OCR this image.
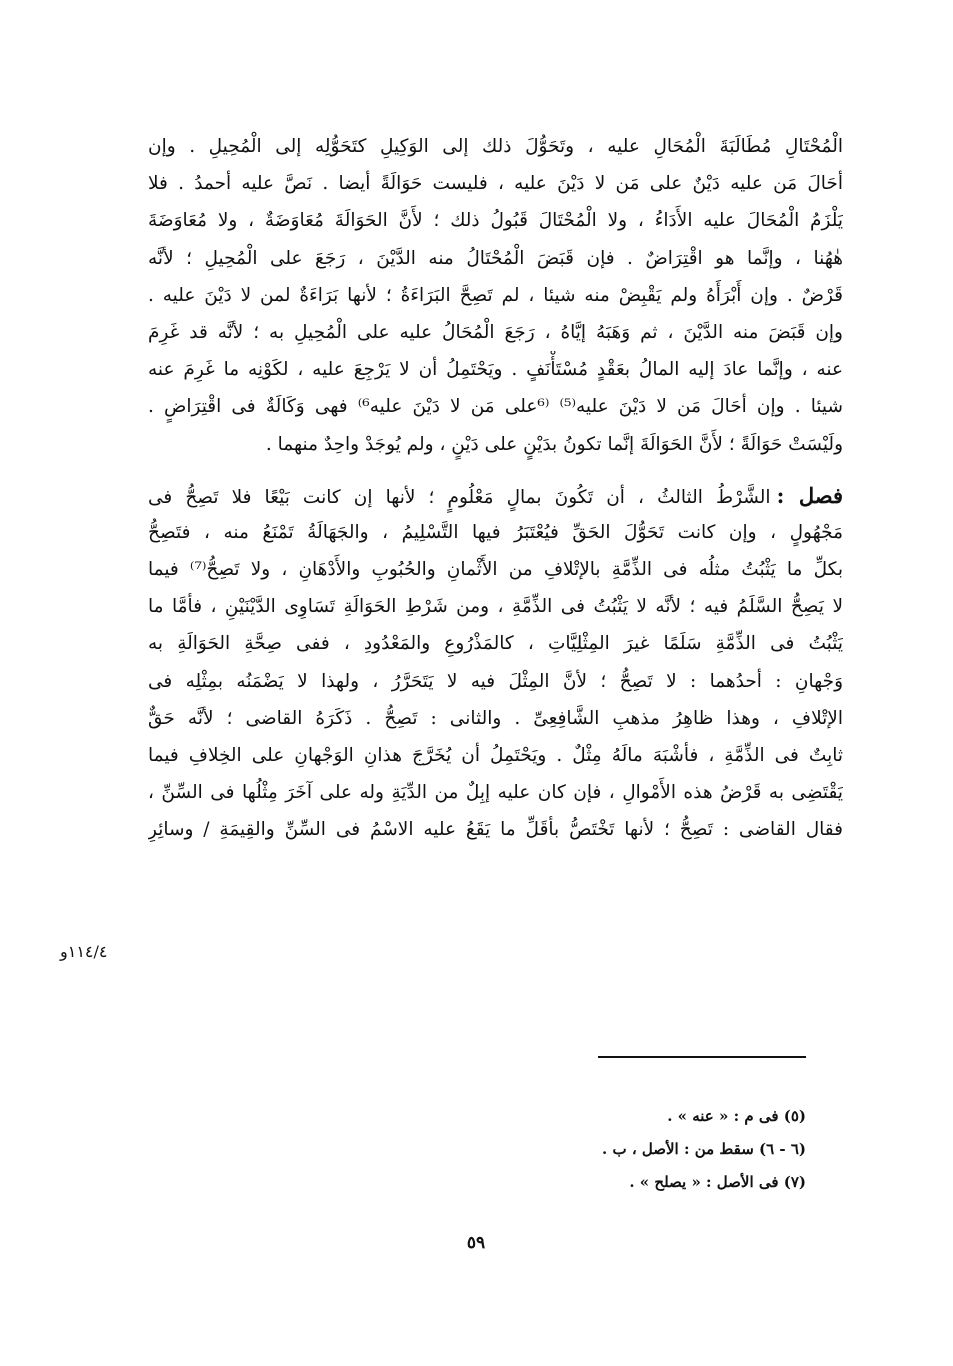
الْمُحْتَالِ مُطَالَبَةَ الْمُحَالِ عليه ، وتَحَوُّلَ ذلك إلى الوَكِيلِ كتَحَوُّلِه إلى الْمُحِيلِ . وإن
أحَالَ مَن عليه دَيْنٌ على مَن لا دَيْنَ عليه ، فليست حَوَالَةً أيضا . نَصَّ عليه أحمدُ . فلا
يَلْزَمُ الْمُحَالَ عليه الأَدَاءُ ، ولا الْمُحْتَالَ قَبُولُ ذلك ؛ لأَنَّ الحَوَالَةَ مُعَاوَضَةٌ ، ولا مُعَاوَضَةَ
هٰهُنا ، وإنَّما هو اقْتِرَاضٌ . فإن قَبَضَ الْمُحْتَالُ منه الدَّيْنَ ، رَجَعَ على الْمُحِيلِ ؛ لأنَّه
قَرْضٌ . وإن أَبْرَأَهُ ولم يَقْبِضْ منه شيئا ، لم تَصِحَّ البَرَاءَةُ ؛ لأنها بَرَاءَةٌ لمن لا دَيْنَ عليه .
وإن قَبَضَ منه الدَّيْنَ ، ثم وَهَبَهُ إيَّاهُ ، رَجَعَ الْمُحَالُ عليه على الْمُحِيلِ به ؛ لأنَّه قد غَرِمَ
عنه ، وإنَّما عادَ إليه المالُ بعَقْدٍ مُسْتَأْنَفٍ . ويَحْتَمِلُ أن لا يَرْجِعَ عليه ، لكَوْنِه ما غَرِمَ عنه
شيئا . وإن أحَالَ مَن لا دَيْنَ عليه⁽⁵⁾ ⁽⁶على مَن لا دَيْنَ عليه⁶⁾ فهى وَكَالَةٌ فى اقْتِرَاضٍ .
ولَيْسَتْ حَوَالَةً ؛ لأَنَّ الحَوَالَةَ إنَّما تكونُ بدَيْنٍ على دَيْنٍ ، ولم يُوجَدْ واحِدٌ منهما .
فصل :الشَّرْطُ الثالثُ ، أن تَكُونَ بمالٍ مَعْلُومٍ ؛ لأنها إن كانت بَيْعًا فلا تَصِحُّ فى
مَجْهُولٍ ، وإن كانت تَحَوُّلَ الحَقِّ فيُعْتَبَرُ فيها التَّسْلِيمُ ، والجَهَالَةُ تَمْنَعُ منه ، فتَصِحُّ
بكلِّ ما يَثْبُتُ مثلُه فى الذِّمَّةِ بالإتْلافِ من الأَثْمانِ والحُبُوبِ والأَدْهَانِ ، ولا تَصِحُّ⁽⁷⁾ فيما
لا يَصِحُّ السَّلَمُ فيه ؛ لأنَّه لا يَثْبُتُ فى الذِّمَّةِ ، ومن شَرْطِ الحَوَالَةِ تَسَاوِى الدَّيْنَيْنِ ، فأمَّا ما
يَثْبُتُ فى الذِّمَّةِ سَلَمًا غيرَ المِثْلِيَّاتِ ، كالمَذْرُوعِ والمَعْدُودِ ، ففى صِحَّةِ الحَوَالَةِ به
وَجْهانِ : أحدُهما : لا تَصِحُّ ؛ لأنَّ المِثْلَ فيه لا يَتَحَرَّرُ ، ولهذا لا يَضْمَنُه بمِثْلِه فى
الإتْلافِ ، وهذا ظاهِرُ مذهبِ الشَّافِعِىِّ . والثانى : تَصِحُّ . ذَكَرَهُ القاضى ؛ لأنَّه حَقٌّ
ثابِتٌ فى الذِّمَّةِ ، فأشْبَهَ مالَهُ مِثْلٌ . ويَحْتَمِلُ أن يُخَرَّجَ هذانِ الوَجْهانِ على الخِلافِ فيما
يَقْتَضِى به قَرْضُ هذه الأَمْوالِ ، فإن كان عليه إبِلٌ من الدِّيَةِ وله على آخَرَ مِثْلُها فى السِّنِّ ،
فقال القاضى : تَصِحُّ ؛ لأنها تَخْتَصُّ بأقَلِّ ما يَقَعُ عليه الاسْمُ فى السِّنِّ والقِيمَةِ / وسائِرِ
١١٤/٤و
(٥) فى م : « عنه » .
(٦ - ٦) سقط من : الأصل ، ب .
(٧) فى الأصل : « يصلح » .
٥٩
